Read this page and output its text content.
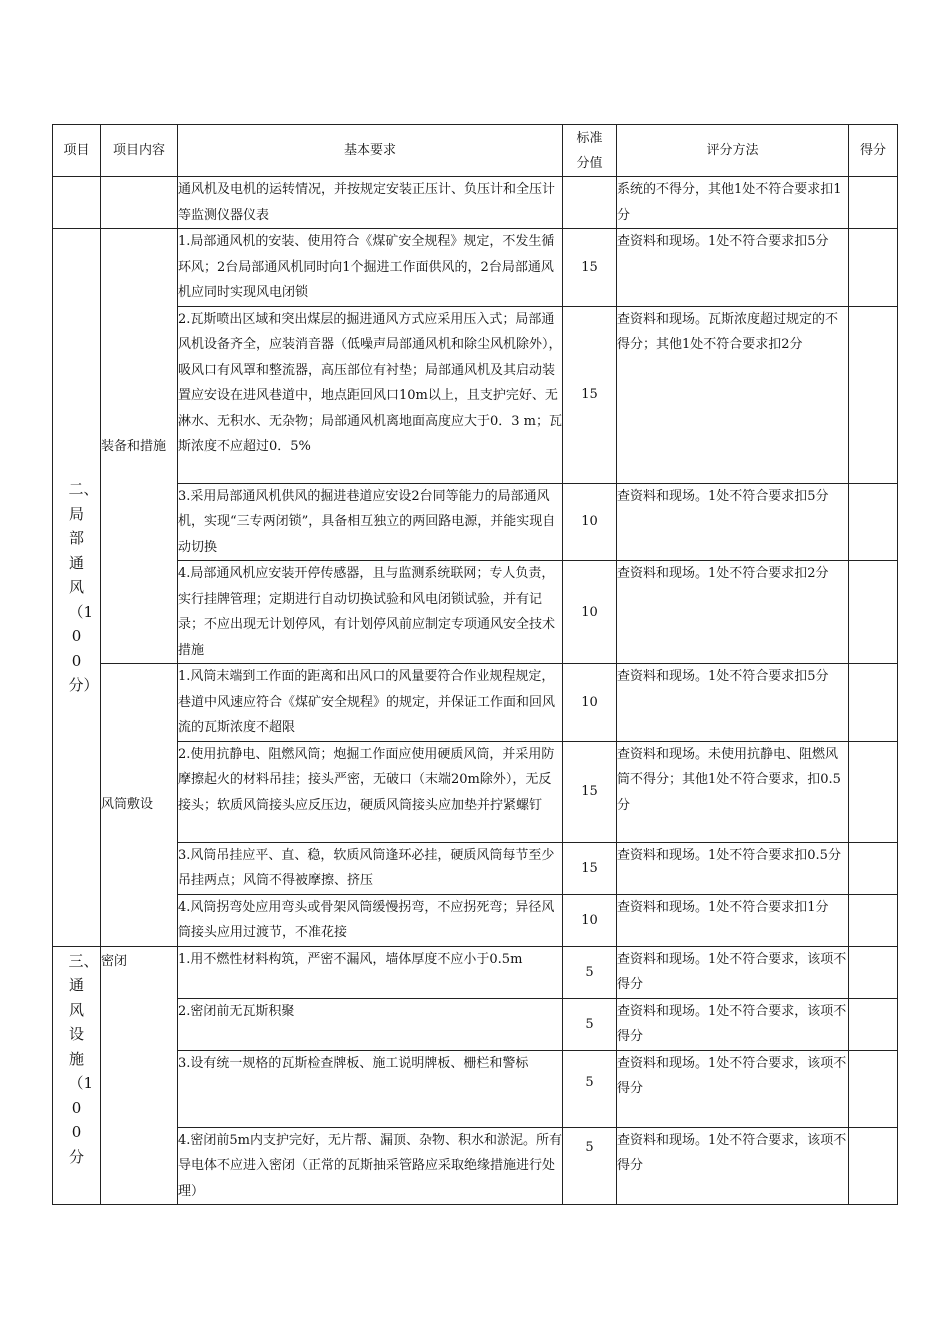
项目	项目内容	基本要求	标准分值	评分方法	得分
		通风机及电机的运转情况，并按规定安装正压计、负压计和全压计等监测仪器仪表		系统的不得分，其他1处不符合要求扣1分	

二、局部通风（100分）	装备和措施	1.局部通风机的安装、使用符合《煤矿安全规程》规定，不发生循环风；2台局部通风机同时向1个掘进工作面供风的，2台局部通风机应同时实现风电闭锁	15	查资料和现场。1处不符合要求扣5分	
		2.瓦斯喷出区域和突出煤层的掘进通风方式应采用压入式；局部通风机设备齐全，应装消音器（低噪声局部通风机和除尘风机除外），吸风口有风罩和整流器，高压部位有衬垫；局部通风机及其启动装置应安设在进风巷道中，地点距回风口10m以上，且支护完好、无淋水、无积水、无杂物；局部通风机离地面高度应大于0．3 m；瓦斯浓度不应超过0．5%	15	查资料和现场。瓦斯浓度超过规定的不得分；其他1处不符合要求扣2分	
		3.采用局部通风机供风的掘进巷道应安设2台同等能力的局部通风机，实现“三专两闭锁”，具备相互独立的两回路电源，并能实现自动切换	10	查资料和现场。1处不符合要求扣5分	
		4.局部通风机应安装开停传感器，且与监测系统联网；专人负责，实行挂牌管理；定期进行自动切换试验和风电闭锁试验，并有记录；不应出现无计划停风，有计划停风前应制定专项通风安全技术措施	10	查资料和现场。1处不符合要求扣2分	
	风筒敷设	1.风筒末端到工作面的距离和出风口的风量要符合作业规程规定，巷道中风速应符合《煤矿安全规程》的规定，并保证工作面和回风流的瓦斯浓度不超限	10	查资料和现场。1处不符合要求扣5分	
		2.使用抗静电、阻燃风筒；炮掘工作面应使用硬质风筒，并采用防摩擦起火的材料吊挂；接头严密，无破口（末端20m除外），无反接头；软质风筒接头应反压边，硬质风筒接头应加垫并拧紧螺钉	15	查资料和现场。未使用抗静电、阻燃风筒不得分；其他1处不符合要求，扣0.5分	
		3.风筒吊挂应平、直、稳，软质风筒逢环必挂，硬质风筒每节至少吊挂两点；风筒不得被摩擦、挤压	15	查资料和现场。1处不符合要求扣0.5分	
		4.风筒拐弯处应用弯头或骨架风筒缓慢拐弯，不应拐死弯；异径风筒接头应用过渡节，不准花接	10	查资料和现场。1处不符合要求扣1分	

三、通风设施（100分	密闭	1.用不燃性材料构筑，严密不漏风，墙体厚度不应小于0.5m	5	查资料和现场。1处不符合要求，该项不得分	
		2.密闭前无瓦斯积聚	5	查资料和现场。1处不符合要求，该项不得分	
		3.设有统一规格的瓦斯检查牌板、施工说明牌板、栅栏和警标	5	查资料和现场。1处不符合要求，该项不得分	
		4.密闭前5m内支护完好，无片帮、漏顶、杂物、积水和淤泥。所有导电体不应进入密闭（正常的瓦斯抽采管路应采取绝缘措施进行处理）	5	查资料和现场。1处不符合要求，该项不得分	
